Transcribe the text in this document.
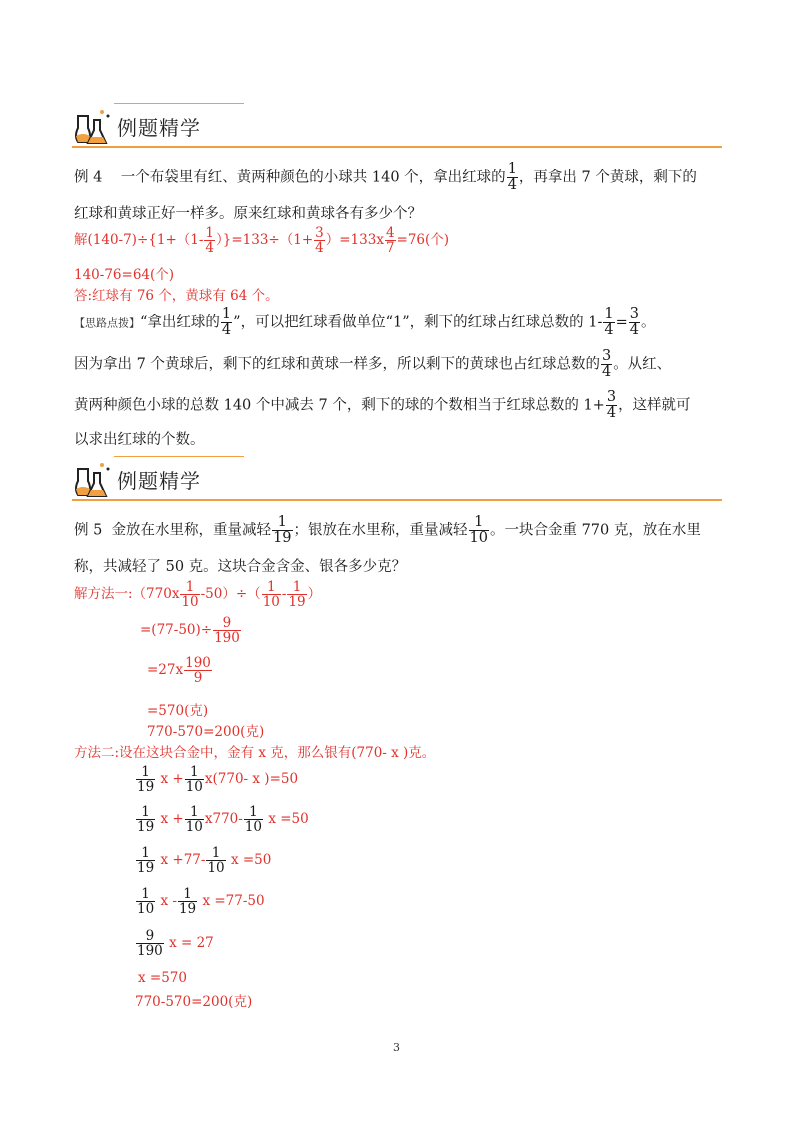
例题精学
例 4 一个布袋里有红、黄两种颜色的小球共 140 个，拿出红球的 $\frac{1}{4}$ ，再拿出 7 个黄球，剩下的
红球和黄球正好一样多。原来红球和黄球各有多少个？
解$(140-7)\div\{1+(1- \frac{1}{4} )\}=133\div(1+ \frac{3}{4} )=133x \frac{4}{7} =76$(个)
140-76=64(个)
答:红球有 76 个，黄球有 64 个。
【思路点拨】“拿出红球的 $\frac{1}{4}$ ”，可以把红球看做单位“1”，剩下的红球占红球总数的 $1- \frac{1}{4} = \frac{3}{4}$ 。
因为拿出 7 个黄球后，剩下的红球和黄球一样多，所以剩下的黄球也占红球总数的 $\frac{3}{4}$ 。从红、
黄两种颜色小球的总数 140 个中减去 7 个，剩下的球的个数相当于红球总数的 $1+ \frac{3}{4}$ ，这样就可
以求出红球的个数。
例题精学
例 5 金放在水里称，重量减轻 $\frac{1}{19}$ ；银放在水里称，重量减轻 $\frac{1}{10}$ 。一块合金重 770 克，放在水里
称，共减轻了 50 克。这块合金含金、银各多少克？
解方法一:（770x $\frac{1}{10} -50)\div( \frac{1}{10} - \frac{1}{19}$ ）
$=(77-50)\div \frac{9}{190}$
$=27x \frac{190}{9}$
=570(克)
770-570=200(克)
方法二:设在这块合金中，金有 x 克，那么银有(770- x )克。
$\frac{1}{19}$ $x + \frac{1}{10} x(770-$ x )=50
$\frac{1}{19}$ $x + \frac{1}{10} x770- \frac{1}{10}$ x =50
$\frac{1}{19}$ $x +77- \frac{1}{10}$ x =50
$\frac{1}{10}$ x - $\frac{1}{19}$ x =77-50
$\frac{9}{190}$ x = 27
x =570
770-570=200(克)
3
